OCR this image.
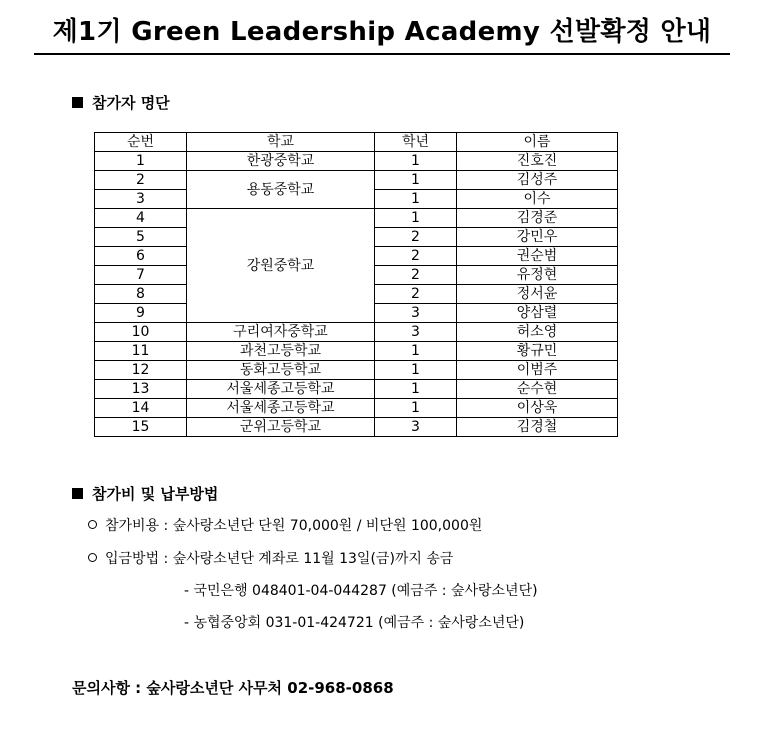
제1기 Green Leadership Academy 선발확정 안내
참가자 명단
순번	학교	학년	이름
1	한광중학교	1	진호진
2	용동중학교	1	김성주
3		1	이수
4	강원중학교	1	김경준
5		2	강민우
6		2	권순범
7		2	유정현
8		2	정서윤
9		3	양삼렬
10	구리여자중학교	3	허소영
11	과천고등학교	1	황규민
12	동화고등학교	1	이범주
13	서울세종고등학교	1	순수현
14	서울세종고등학교	1	이상욱
15	군위고등학교	3	김경철
참가비 및 납부방법
참가비용 : 숲사랑소년단 단원 70,000원 / 비단원 100,000원
입금방법 : 숲사랑소년단 계좌로 11월 13일(금)까지 송금
- 국민은행 048401-04-044287 (예금주 : 숲사랑소년단)
- 농협중앙회 031-01-424721 (예금주 : 숲사랑소년단)
문의사항 : 숲사랑소년단 사무처 02-968-0868
